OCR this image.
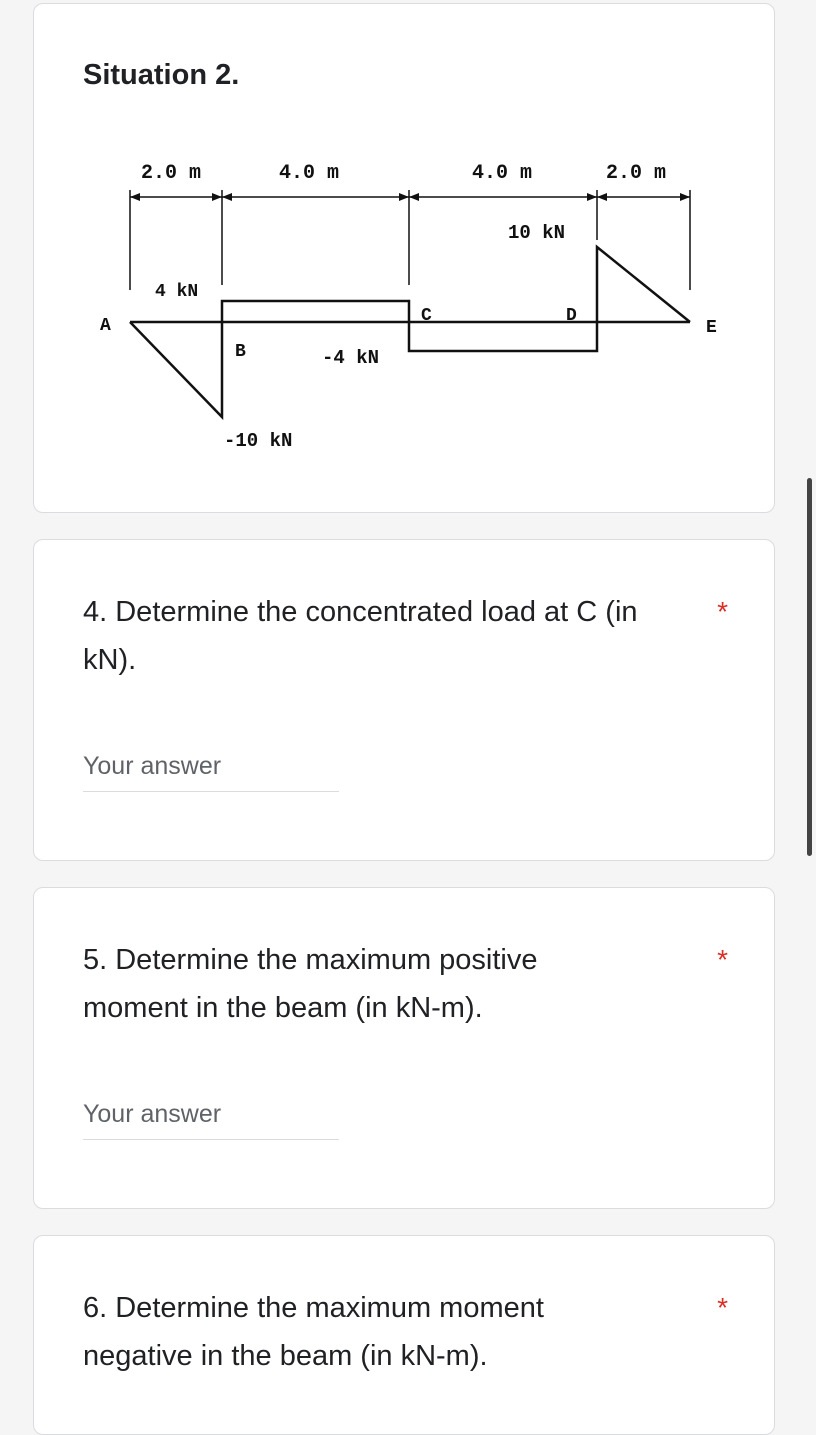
Situation 2.
2.0 m	4.0 m	4.0 m	2.0 m
A
B
C	D
E
4 kN
-10 kN
-4 kN
10 kN
4. Determine the concentrated load at C (in kN).
*
Your answer
5. Determine the maximum positive moment in the beam (in kN-m).
*
Your answer
6. Determine the maximum moment negative in the beam (in kN-m).
*
